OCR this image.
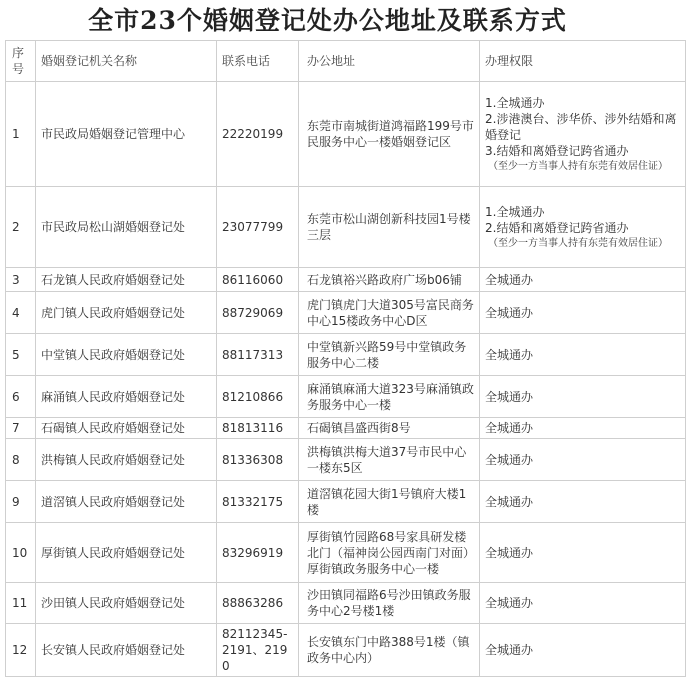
全市23个婚姻登记处办公地址及联系方式
序号	婚姻登记机关名称	联系电话	办公地址	办理权限
1	市民政局婚姻登记管理中心	22220199	东莞市南城街道鸿福路199号市民服务中心一楼婚姻登记区	1.全城通办
2.涉港澳台、涉华侨、涉外结婚和离婚登记
3.结婚和离婚登记跨省通办
（至少一方当事人持有东莞有效居住证）

2	市民政局松山湖婚姻登记处	23077799	东莞市松山湖创新科技园1号楼三层	1.全城通办
2.结婚和离婚登记跨省通办
（至少一方当事人持有东莞有效居住证）

3	石龙镇人民政府婚姻登记处	86116060	石龙镇裕兴路政府广场b06铺	全城通办

4	虎门镇人民政府婚姻登记处	88729069	虎门镇虎门大道305号富民商务中心15楼政务中心D区	全城通办

5	中堂镇人民政府婚姻登记处	88117313	中堂镇新兴路59号中堂镇政务服务中心二楼	全城通办

6	麻涌镇人民政府婚姻登记处	81210866	麻涌镇麻涌大道323号麻涌镇政务服务中心一楼	全城通办

7	石碣镇人民政府婚姻登记处	81813116	石碣镇昌盛西街8号	全城通办

8	洪梅镇人民政府婚姻登记处	81336308	洪梅镇洪梅大道37号市民中心一楼东5区	全城通办

9	道滘镇人民政府婚姻登记处	81332175	道滘镇花园大街1号镇府大楼1楼	全城通办

10	厚街镇人民政府婚姻登记处	83296919	厚街镇竹园路68号家具研发楼北门（福神岗公园西南门对面）厚街镇政务服务中心一楼	全城通办

11	沙田镇人民政府婚姻登记处	88863286	沙田镇同福路6号沙田镇政务服务中心2号楼1楼	全城通办

12	长安镇人民政府婚姻登记处	82112345-2191、2190	长安镇东门中路388号1楼（镇政务中心内）	全城通办
